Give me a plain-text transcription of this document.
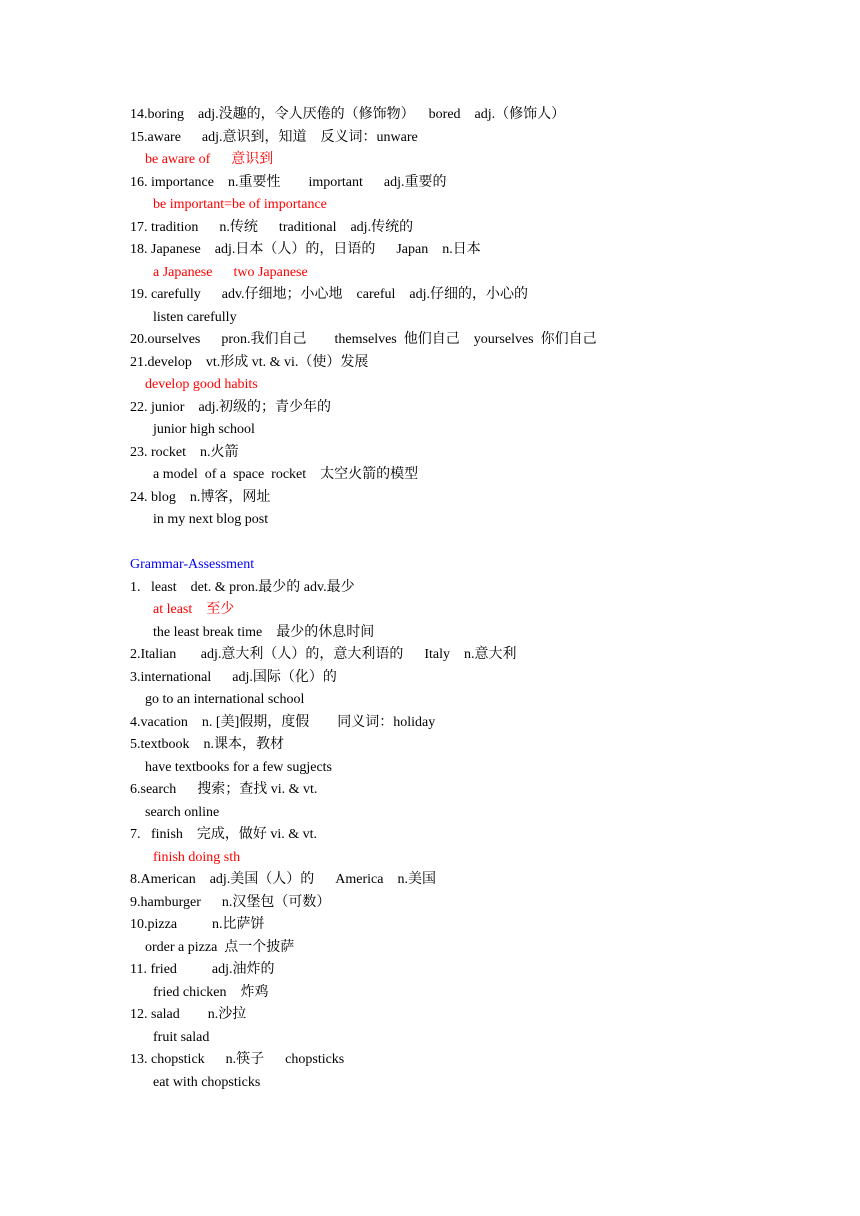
14.boring    adj.没趣的，令人厌倦的（修饰物）    bored    adj.（修饰人）
15.aware      adj.意识到，知道    反义词：unware
be aware of      意识到
16. importance    n.重要性        important      adj.重要的
be important=be of importance
17. tradition      n.传统      traditional    adj.传统的
18. Japanese    adj.日本（人）的，日语的      Japan    n.日本
a Japanese      two Japanese
19. carefully      adv.仔细地；小心地    careful    adj.仔细的，小心的
listen carefully
20.ourselves      pron.我们自己        themselves  他们自己    yourselves  你们自己
21.develop    vt.形成 vt. & vi.（使）发展
develop good habits
22. junior    adj.初级的；青少年的
junior high school
23. rocket    n.火箭
a model  of a  space  rocket    太空火箭的模型
24. blog    n.博客，网址
in my next blog post
Grammar-Assessment
1.   least    det. & pron.最少的 adv.最少
at least    至少
the least break time    最少的休息时间
2.Italian       adj.意大利（人）的，意大利语的      Italy    n.意大利
3.international      adj.国际（化）的
go to an international school
4.vacation    n. [美]假期，度假        同义词：holiday
5.textbook    n.课本，教材
have textbooks for a few sugjects
6.search      搜索；查找 vi. & vt.
search online
7.   finish    完成，做好 vi. & vt.
finish doing sth
8.American    adj.美国（人）的      America    n.美国
9.hamburger      n.汉堡包（可数）
10.pizza          n.比萨饼
order a pizza  点一个披萨
11. fried          adj.油炸的
fried chicken    炸鸡
12. salad        n.沙拉
fruit salad
13. chopstick      n.筷子      chopsticks
eat with chopsticks
